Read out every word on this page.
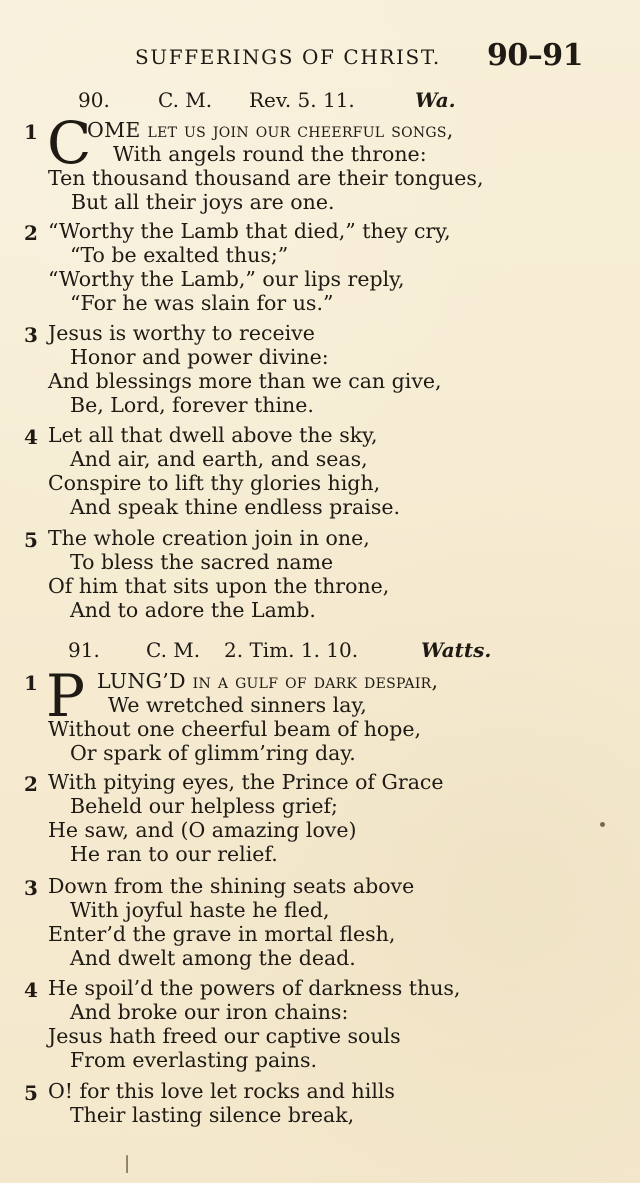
SUFFERINGS OF CHRIST. 90–91
90. C. M. Rev. 5. 11.	Wa.
1 C
OME let us join our cheerful songs,
With angels round the throne:
Ten thousand thousand are their tongues,
But all their joys are one.
2 “Worthy the Lamb that died,” they cry,
“To be exalted thus;”
“Worthy the Lamb,” our lips reply,
“For he was slain for us.”
3 Jesus is worthy to receive
Honor and power divine:
And blessings more than we can give,
Be, Lord, forever thine.
4 Let all that dwell above the sky,
And air, and earth, and seas,
Conspire to lift thy glories high,
And speak thine endless praise.
5 The whole creation join in one,
To bless the sacred name
Of him that sits upon the throne,
And to adore the Lamb.
91. C. M. 2. Tim. 1. 10.	Watts.
1 P LUNG’D in a gulf of dark despair,
We wretched sinners lay,
Without one cheerful beam of hope,
Or spark of glimm’ring day.
2 With pitying eyes, the Prince of Grace
Beheld our helpless grief;
He saw, and (O amazing love)
He ran to our relief.
3 Down from the shining seats above
With joyful haste he fled,
Enter’d the grave in mortal flesh,
And dwelt among the dead.
4 He spoil’d the powers of darkness thus,
And broke our iron chains:
Jesus hath freed our captive souls
From everlasting pains.
5 O! for this love let rocks and hills
Their lasting silence break,
|
